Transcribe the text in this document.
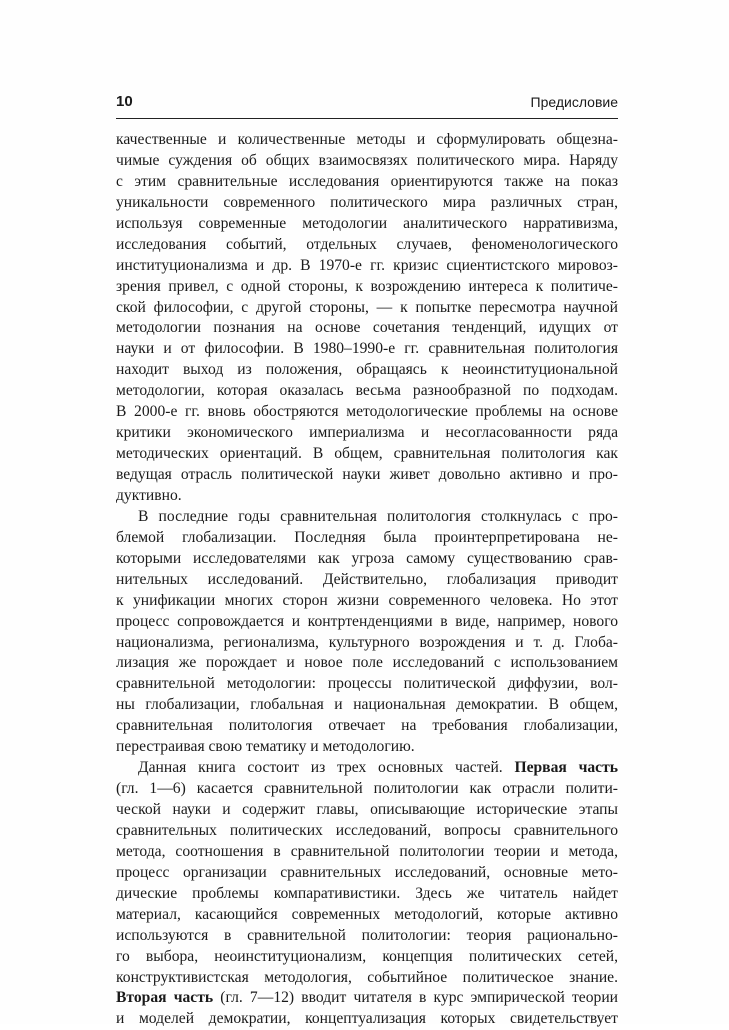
10	Предисловие
качественные и количественные методы и сформулировать общезна-
чимые суждения об общих взаимосвязях политического мира. Наряду
с этим сравнительные исследования ориентируются также на показ
уникальности современного политического мира различных стран,
используя современные методологии аналитического нарративизма,
исследования событий, отдельных случаев, феноменологического
институционализма и др. В 1970-е гг. кризис сциентистского мировоз-
зрения привел, с одной стороны, к возрождению интереса к политиче-
ской философии, с другой стороны, — к попытке пересмотра научной
методологии познания на основе сочетания тенденций, идущих от
науки и от философии. В 1980–1990-е гг. сравнительная политология
находит выход из положения, обращаясь к неоинституциональной
методологии, которая оказалась весьма разнообразной по подходам.
В 2000-е гг. вновь обостряются методологические проблемы на основе
критики экономического империализма и несогласованности ряда
методических ориентаций. В общем, сравнительная политология как
ведущая отрасль политической науки живет довольно активно и про-
дуктивно.
В последние годы сравнительная политология столкнулась с про-
блемой глобализации. Последняя была проинтерпретирована не-
которыми исследователями как угроза самому существованию срав-
нительных исследований. Действительно, глобализация приводит
к унификации многих сторон жизни современного человека. Но этот
процесс сопровождается и контртенденциями в виде, например, нового
национализма, регионализма, культурного возрождения и т. д. Глоба-
лизация же порождает и новое поле исследований с использованием
сравнительной методологии: процессы политической диффузии, вол-
ны глобализации, глобальная и национальная демократии. В общем,
сравнительная политология отвечает на требования глобализации,
перестраивая свою тематику и методологию.
Данная книга состоит из трех основных частей. Первая часть
(гл. 1—6) касается сравнительной политологии как отрасли полити-
ческой науки и содержит главы, описывающие исторические этапы
сравнительных политических исследований, вопросы сравнительного
метода, соотношения в сравнительной политологии теории и метода,
процесс организации сравнительных исследований, основные мето-
дические проблемы компаративистики. Здесь же читатель найдет
материал, касающийся современных методологий, которые активно
используются в сравнительной политологии: теория рационально-
го выбора, неоинституционализм, концепция политических сетей,
конструктивистская методология, событийное политическое знание.
Вторая часть (гл. 7—12) вводит читателя в курс эмпирической теории
и моделей демократии, концептуализация которых свидетельствует
